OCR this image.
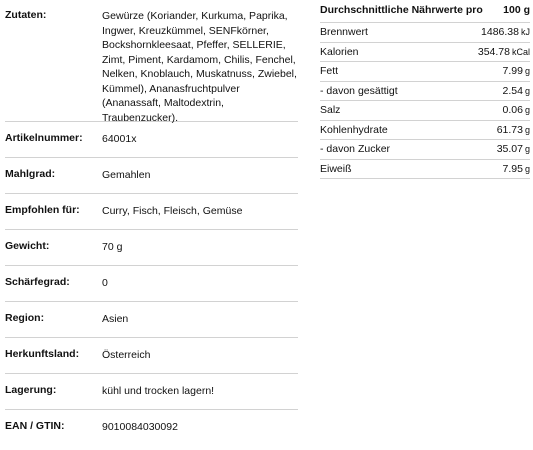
Zutaten:	Gewürze (Koriander, Kurkuma, Paprika, Ingwer, Kreuzkümmel, SENFkörner, Bockshornkleesaat, Pfeffer, SELLERIE, Zimt, Piment, Kardamom, Chilis, Fenchel, Nelken, Knoblauch, Muskatnuss, Zwiebel, Kümmel), Ananasfruchtpulver (Ananassaft, Maltodextrin, Traubenzucker).
Artikelnummer:	64001x
Mahlgrad:	Gemahlen
Empfohlen für:	Curry, Fisch, Fleisch, Gemüse
Gewicht:	70 g
Schärfegrad:	0
Region:	Asien
Herkunftsland:	Österreich
Lagerung:	kühl und trocken lagern!
EAN / GTIN:	9010084030092
Durchschnittliche Nährwerte pro 100 g
Brennwert	1486.38 kJ
Kalorien	354.78 kCal
Fett	7.99 g
- davon gesättigt	2.54 g
Salz	0.06 g
Kohlenhydrate	61.73 g
- davon Zucker	35.07 g
Eiweiß	7.95 g
